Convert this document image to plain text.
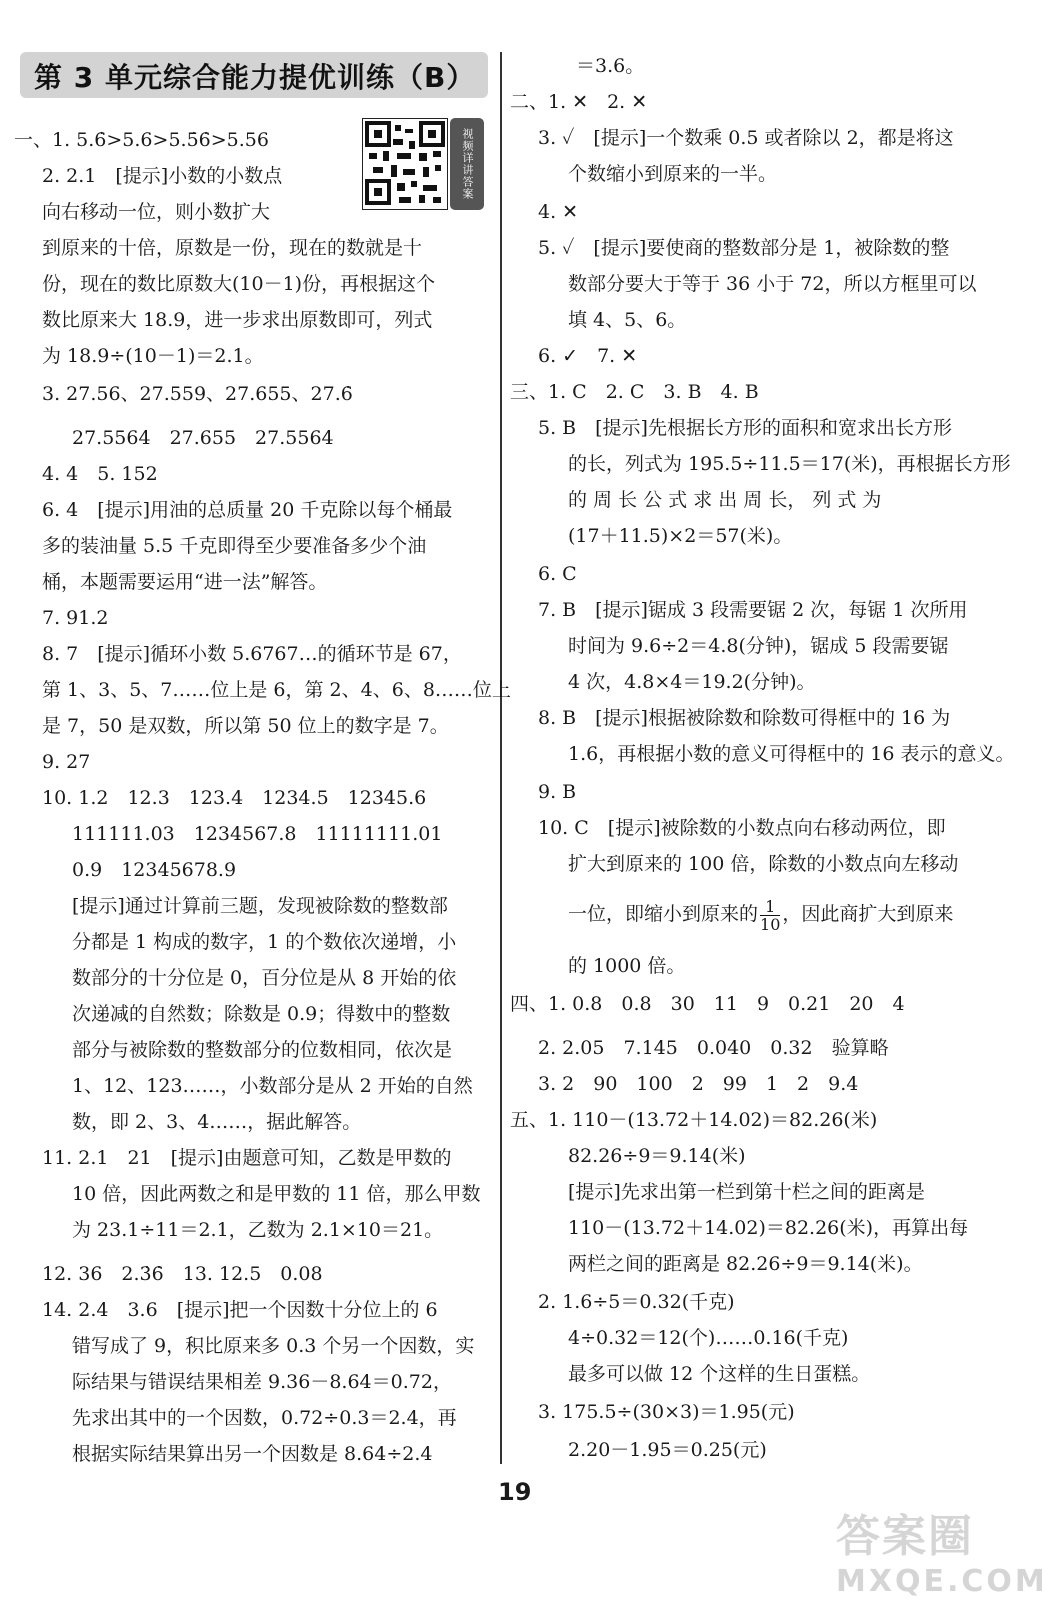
第 3 单元综合能力提优训练（B）
视频详讲答案
一、1. 5.6̇>5.6>5.5̇6̇>5.56
2. 2.1　[提示]小数的小数点
向右移动一位，则小数扩大
到原来的十倍，原数是一份，现在的数就是十
份，现在的数比原数大(10－1)份，再根据这个
数比原来大 18.9，进一步求出原数即可，列式
为 18.9÷(10－1)＝2.1。
3. 27.56、27.559、27.655、27.6̇
27.5564̇　27.655　27.5564̇
4. 4　5. 152
6. 4　[提示]用油的总质量 20 千克除以每个桶最
多的装油量 5.5 千克即得至少要准备多少个油
桶，本题需要运用“进一法”解答。
7. 91.2
8. 7　[提示]循环小数 5.6767…的循环节是 67，
第 1、3、5、7……位上是 6，第 2、4、6、8……位上
是 7，50 是双数，所以第 50 位上的数字是 7。
9. 27
10. 1.2　12.3　123.4　1234.5　12345.6
111111.03　1234567.8　11111111.01
0.9　12345678.9
[提示]通过计算前三题，发现被除数的整数部
分都是 1 构成的数字，1 的个数依次递增，小
数部分的十分位是 0，百分位是从 8 开始的依
次递减的自然数；除数是 0.9；得数中的整数
部分与被除数的整数部分的位数相同，依次是
1、12、123……，小数部分是从 2 开始的自然
数，即 2、3、4……，据此解答。
11. 2.1　21　[提示]由题意可知，乙数是甲数的
10 倍，因此两数之和是甲数的 11 倍，那么甲数
为 23.1÷11＝2.1，乙数为 2.1×10＝21。
12. 36　2.3̇6̇　13. 12.5　0.08
14. 2.4　3.6　[提示]把一个因数十分位上的 6
错写成了 9，积比原来多 0.3 个另一个因数，实
际结果与错误结果相差 9.36－8.64＝0.72，
先求出其中的一个因数，0.72÷0.3＝2.4，再
根据实际结果算出另一个因数是 8.64÷2.4
＝3.6。
二、1. ✕　2. ✕
3. ✓　[提示]一个数乘 0.5 或者除以 2，都是将这
个数缩小到原来的一半。
4. ✕
5. ✓　[提示]要使商的整数部分是 1，被除数的整
数部分要大于等于 36 小于 72，所以方框里可以
填 4、5、6。
6. ✓　7. ✕
三、1. C　2. C　3. B　4. B
5. B　[提示]先根据长方形的面积和宽求出长方形
的长，列式为 195.5÷11.5＝17(米)，再根据长方形
的 周 长 公 式 求 出 周 长， 列 式 为
(17＋11.5)×2＝57(米)。
6. C
7. B　[提示]锯成 3 段需要锯 2 次，每锯 1 次所用
时间为 9.6÷2＝4.8(分钟)，锯成 5 段需要锯
4 次，4.8×4＝19.2(分钟)。
8. B　[提示]根据被除数和除数可得框中的 16 为
1.6，再根据小数的意义可得框中的 16 表示的意义。
9. B
10. C　[提示]被除数的小数点向右移动两位，即
扩大到原来的 100 倍，除数的小数点向左移动
一位，即缩小到原来的 $\frac{1}{10}$ ，因此商扩大到原来
的 1000 倍。
四、1. 0.8　0.8　30　11　9　0.21　20　4
2. 2.05　7.14̇5　0.040　0.32　验算略
3. 2　90　100　2　99　1　2　9.4
五、1. 110－(13.72＋14.02)＝82.26(米)
82.26÷9＝9.14(米)
[提示]先求出第一栏到第十栏之间的距离是
110－(13.72＋14.02)＝82.26(米)，再算出每
两栏之间的距离是 82.26÷9＝9.14(米)。
2. 1.6÷5＝0.32(千克)
4÷0.32＝12(个)……0.16(千克)
最多可以做 12 个这样的生日蛋糕。
3. 175.5÷(30×3)＝1.95(元)
2.20－1.95＝0.25(元)
19
答案圈
MXQE.COM
